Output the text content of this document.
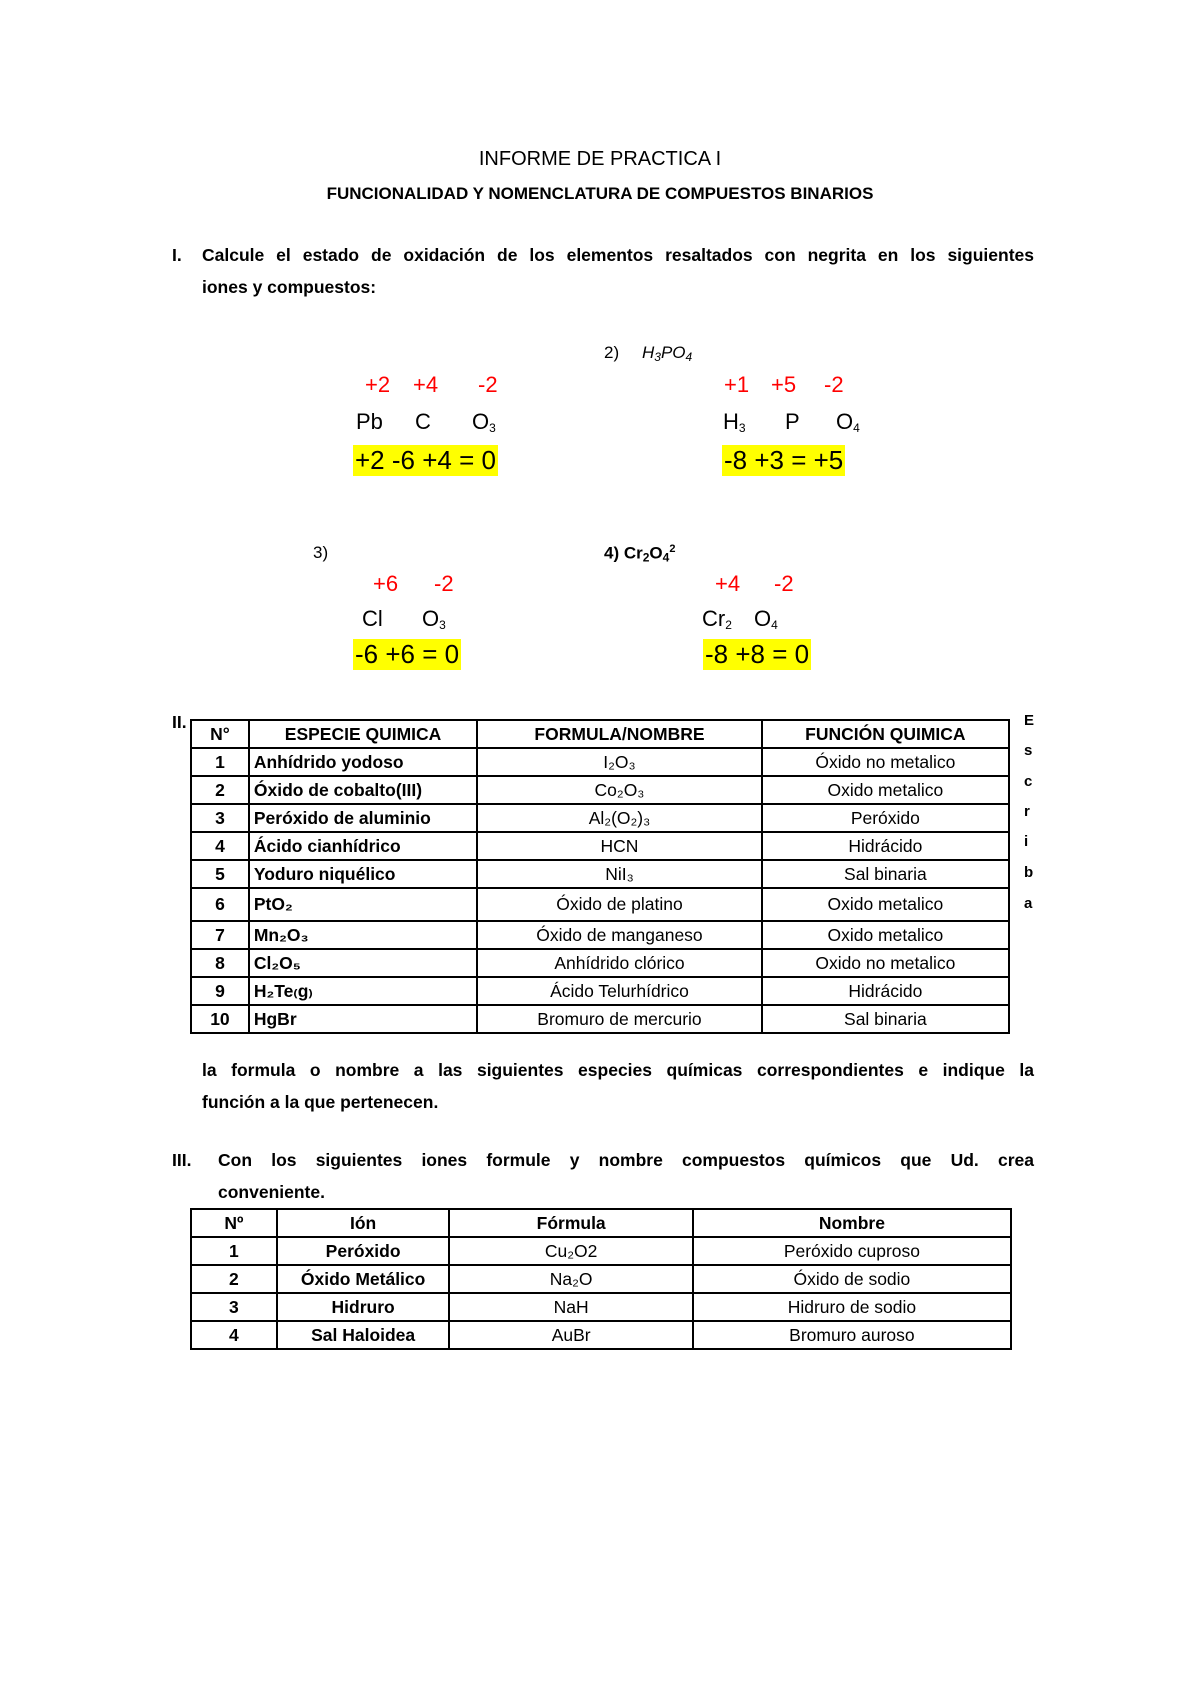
INFORME DE PRACTICA I
FUNCIONALIDAD Y NOMENCLATURA DE COMPUESTOS BINARIOS
I. Calcule el estado de oxidación de los elementos resaltados con negrita en los siguientes
iones y compuestos:
+2 +4 -2
Pb C $O_3$
+2 -6 +4 = 0
2) $H_3PO_4$
+1 +5 -2
$H_3$ P $O_4$
-8 +3 = +5
3)
+6 -2
Cl $O_3$
-6 +6 = 0
4) $Cr_2O_4^2$
+4 -2
$Cr_2$ $O_4$
-8 +8 = 0
II.	E
s
c
r
i
b
a
N°	ESPECIE QUIMICA	FORMULA/NOMBRE	FUNCIÓN QUIMICA
1	Anhídrido yodoso	I₂O₃	Óxido no metalico
2	Óxido de cobalto(III)	Co₂O₃	Oxido metalico
3	Peróxido de aluminio	Al₂(O₂)₃	Peróxido
4	Ácido cianhídrico	HCN	Hidrácido
5	Yoduro niquélico	NiI₃	Sal binaria
6	PtO₂	Óxido de platino	Oxido metalico
7	Mn₂O₃	Óxido de manganeso	Oxido metalico
8	Cl₂O₅	Anhídrido clórico	Oxido no metalico
9	H₂Te₍g₎	Ácido Telurhídrico	Hidrácido
10	HgBr	Bromuro de mercurio	Sal binaria
la formula o nombre a las siguientes especies químicas correspondientes e indique la
función a la que pertenecen.
III. Con los siguientes iones formule y nombre compuestos químicos que Ud. crea
conveniente.
Nº	Ión	Fórmula	Nombre
1	Peróxido	Cu₂O2	Peróxido cuproso
2	Óxido Metálico	Na₂O	Óxido de sodio
3	Hidruro	NaH	Hidruro de sodio
4	Sal Haloidea	AuBr	Bromuro auroso
